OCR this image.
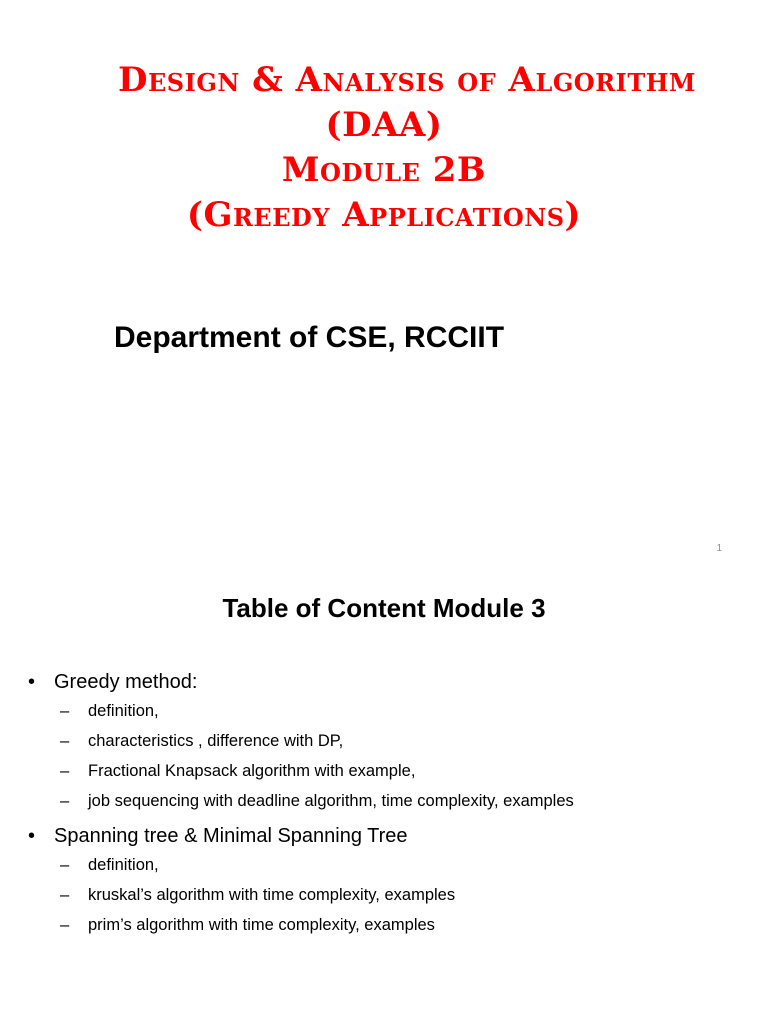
Design & Analysis of Algorithm
(DAA)
Module 2B
(Greedy Applications)
Department of CSE, RCCIIT
1
Table of Content Module 3
• Greedy method:
–	definition,
–	characteristics , difference with DP,
–	Fractional Knapsack algorithm with example,
–	job sequencing with deadline algorithm, time complexity, examples
• Spanning tree & Minimal Spanning Tree
–	definition,
–	kruskal’s algorithm with time complexity, examples
–	prim’s algorithm with time complexity, examples
